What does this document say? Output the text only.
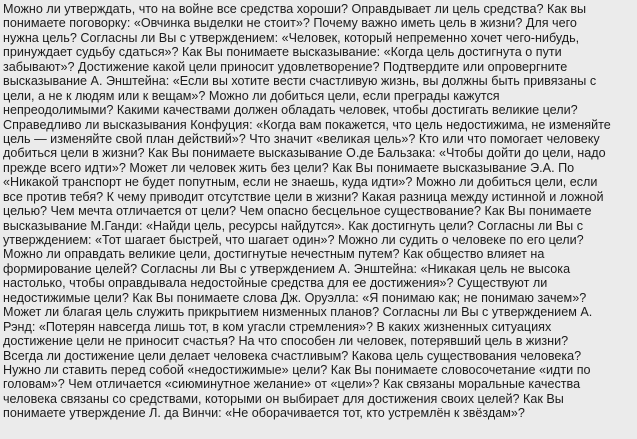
Можно ли утверждать, что на войне все средства хороши? Оправдывает ли цель средства? Как вы
понимаете поговорку: «Овчинка выделки не стоит»? Почему важно иметь цель в жизни? Для чего
нужна цель? Согласны ли Вы с утверждением: «Человек, который непременно хочет чего-нибудь,
принуждает судьбу сдаться»? Как Вы понимаете высказывание: «Когда цель достигнута о пути
забывают»? Достижение какой цели приносит удовлетворение? Подтвердите или опровергните
высказывание А. Энштейна: «Если вы хотите вести счастливую жизнь, вы должны быть привязаны с
цели, а не к людям или к вещам»? Можно ли добиться цели, если преграды кажутся
непреодолимыми? Какими качествами должен обладать человек, чтобы достигать великие цели?
Справедливо ли высказывания Конфуция: «Когда вам покажется, что цель недостижима, не изменяйте
цель — изменяйте свой план действий»? Что значит «великая цель»? Кто или что помогает человеку
добиться цели в жизни? Как Вы понимаете высказывание О.де Бальзака: «Чтобы дойти до цели, надо
прежде всего идти»? Может ли человек жить без цели? Как Вы понимаете высказывание Э.А. По
«Никакой транспорт не будет попутным, если не знаешь, куда идти»? Можно ли добиться цели, если
все против тебя? К чему приводит отсутствие цели в жизни? Какая разница между истинной и ложной
целью? Чем мечта отличается от цели? Чем опасно бесцельное существование? Как Вы понимаете
высказывание М.Ганди: «Найди цель, ресурсы найдутся». Как достигнуть цели? Согласны ли Вы с
утверждением: «Тот шагает быстрей, что шагает один»? Можно ли судить о человеке по его цели?
Можно ли оправдать великие цели, достигнутые нечестным путем? Как общество влияет на
формирование целей? Согласны ли Вы с утверждением А. Энштейна: «Никакая цель не высока
настолько, чтобы оправдывала недостойные средства для ее достижения»? Существуют ли
недостижимые цели? Как Вы понимаете слова Дж. Оруэлла: «Я понимаю как; не понимаю зачем»?
Может ли благая цель служить прикрытием низменных планов? Согласны ли Вы с утверждением А.
Рэнд: «Потерян навсегда лишь тот, в ком угасли стремления»? В каких жизненных ситуациях
достижение цели не приносит счастья? На что способен ли человек, потерявший цель в жизни?
Всегда ли достижение цели делает человека счастливым? Какова цель существования человека?
Нужно ли ставить перед собой «недостижимые» цели? Как Вы понимаете словосочетание «идти по
головам»? Чем отличается «сиюминутное желание» от «цели»? Как связаны моральные качества
человека связаны со средствами, которыми он выбирает для достижения своих целей? Как Вы
понимаете утверждение Л. да Винчи: «Не оборачивается тот, кто устремлён к звёздам»?
